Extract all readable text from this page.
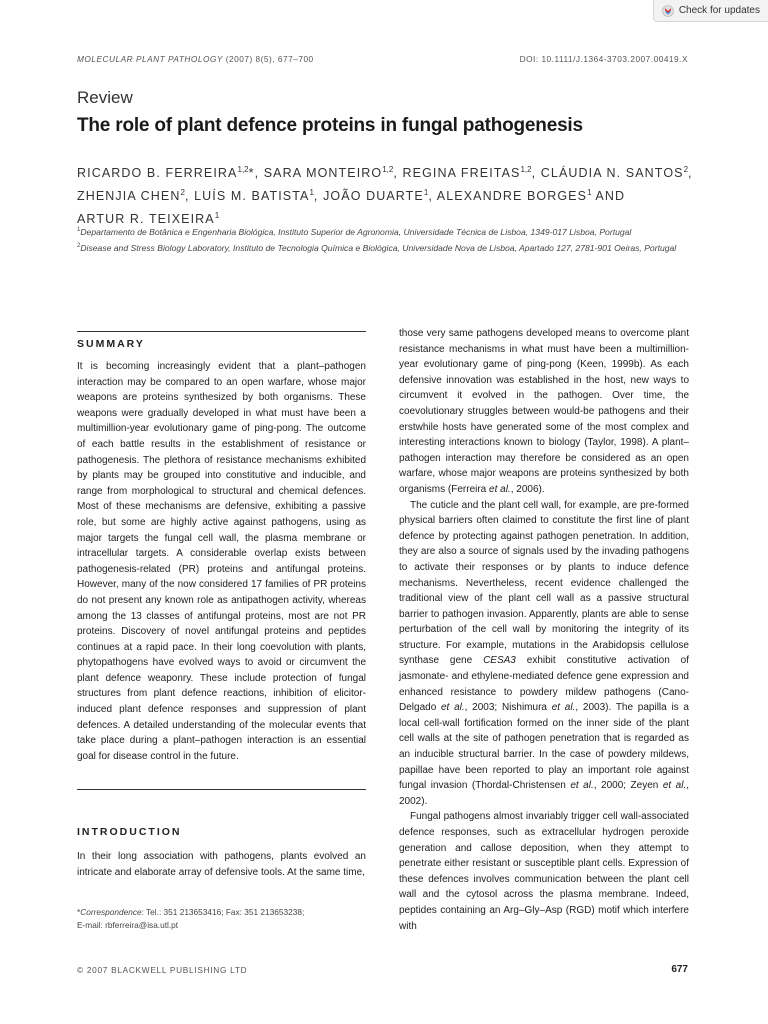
Check for updates
MOLECULAR PLANT PATHOLOGY (2007) 8(5), 677–700	DOI: 10.1111/J.1364-3703.2007.00419.X
Review
The role of plant defence proteins in fungal pathogenesis
RICARDO B. FERREIRA$^{1,2}$*, SARA MONTEIRO$^{1,2}$, REGINA FREITAS$^{1,2}$, CLÁUDIA N. SANTOS$^2$,
ZHENJIA CHEN$^2$, LUÍS M. BATISTA$^1$, JOÃO DUARTE$^1$, ALEXANDRE BORGES$^1$ AND
ARTUR R. TEIXEIRA$^1$
$^1$Departamento de Botânica e Engenharia Biológica, Instituto Superior de Agronomia, Universidade Técnica de Lisboa, 1349-017 Lisboa, Portugal
$^2$Disease and Stress Biology Laboratory, Instituto de Tecnologia Química e Biológica, Universidade Nova de Lisboa, Apartado 127, 2781-901 Oeiras, Portugal
SUMMARY

It is becoming increasingly evident that a plant–pathogen interaction may be compared to an open warfare, whose major weapons are proteins synthesized by both organisms. These weapons were gradually developed in what must have been a multimillion-year evolutionary game of ping-pong. The outcome of each battle results in the establishment of resistance or pathogenesis. The plethora of resistance mechanisms exhibited by plants may be grouped into constitutive and inducible, and range from morphological to structural and chemical defences. Most of these mechanisms are defensive, exhibiting a passive role, but some are highly active against pathogens, using as major targets the fungal cell wall, the plasma membrane or intracellular targets. A considerable overlap exists between pathogenesis-related (PR) proteins and antifungal proteins. However, many of the now considered 17 families of PR proteins do not present any known role as antipathogen activity, whereas among the 13 classes of antifungal proteins, most are not PR proteins. Discovery of novel antifungal proteins and peptides continues at a rapid pace. In their long coevolution with plants, phytopathogens have evolved ways to avoid or circumvent the plant defence weaponry. These include protection of fungal structures from plant defence reactions, inhibition of elicitor-induced plant defence responses and suppression of plant defences. A detailed understanding of the molecular events that take place during a plant–pathogen interaction is an essential goal for disease control in the future.

INTRODUCTION

In their long association with pathogens, plants evolved an intricate and elaborate array of defensive tools. At the same time,

*Correspondence: Tel.: 351 213653416; Fax: 351 213653238;
E-mail: rbferreira@isa.utl.pt

those very same pathogens developed means to overcome plant resistance mechanisms in what must have been a multimillion-year evolutionary game of ping-pong (Keen, 1999b). As each defensive innovation was established in the host, new ways to circumvent it evolved in the pathogen. Over time, the coevolutionary struggles between would-be pathogens and their erstwhile hosts have generated some of the most complex and interesting interactions known to biology (Taylor, 1998). A plant–pathogen interaction may therefore be considered as an open warfare, whose major weapons are proteins synthesized by both organisms (Ferreira et al., 2006).

The cuticle and the plant cell wall, for example, are pre-formed physical barriers often claimed to constitute the first line of plant defence by protecting against pathogen penetration. In addition, they are also a source of signals used by the invading pathogens to activate their responses or by plants to induce defence mechanisms. Nevertheless, recent evidence challenged the traditional view of the plant cell wall as a passive structural barrier to pathogen invasion. Apparently, plants are able to sense perturbation of the cell wall by monitoring the integrity of its structure. For example, mutations in the Arabidopsis cellulose synthase gene CESA3 exhibit constitutive activation of jasmonate- and ethylene-mediated defence gene expression and enhanced resistance to powdery mildew pathogens (Cano-Delgado et al., 2003; Nishimura et al., 2003). The papilla is a local cell-wall fortification formed on the inner side of the plant cell walls at the site of pathogen penetration that is regarded as an inducible structural barrier. In the case of powdery mildews, papillae have been reported to play an important role against fungal invasion (Thordal-Christensen et al., 2000; Zeyen et al., 2002).

Fungal pathogens almost invariably trigger cell wall-associated defence responses, such as extracellular hydrogen peroxide generation and callose deposition, when they attempt to penetrate either resistant or susceptible plant cells. Expression of these defences involves communication between the plant cell wall and the cytosol across the plasma membrane. Indeed, peptides containing an Arg–Gly–Asp (RGD) motif which interfere with

© 2007 BLACKWELL PUBLISHING LTD	677
